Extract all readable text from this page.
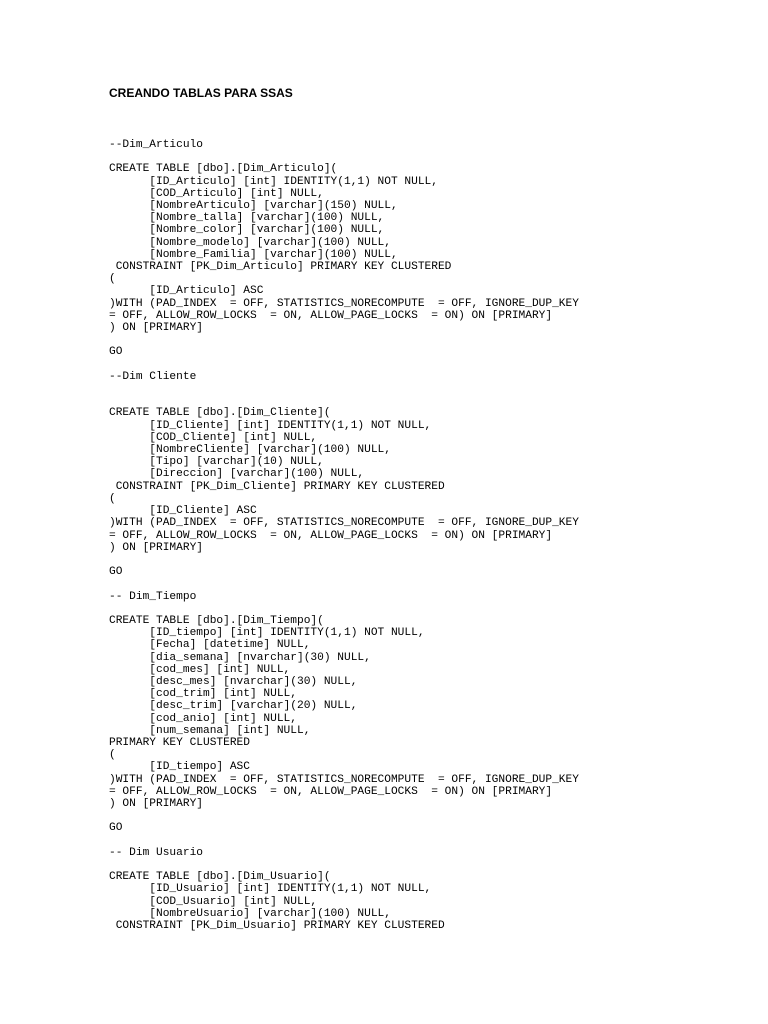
CREANDO TABLAS PARA SSAS
--Dim_Articulo

CREATE TABLE [dbo].[Dim_Articulo](
[ID_Articulo] [int] IDENTITY(1,1) NOT NULL,
[COD_Articulo] [int] NULL,
[NombreArticulo] [varchar](150) NULL,
[Nombre_talla] [varchar](100) NULL,
[Nombre_color] [varchar](100) NULL,
[Nombre_modelo] [varchar](100) NULL,
[Nombre_Familia] [varchar](100) NULL,
CONSTRAINT [PK_Dim_Articulo] PRIMARY KEY CLUSTERED
(
[ID_Articulo] ASC
)WITH (PAD_INDEX  = OFF, STATISTICS_NORECOMPUTE  = OFF, IGNORE_DUP_KEY
= OFF, ALLOW_ROW_LOCKS  = ON, ALLOW_PAGE_LOCKS  = ON) ON [PRIMARY]
) ON [PRIMARY]

GO

--Dim Cliente

CREATE TABLE [dbo].[Dim_Cliente](
[ID_Cliente] [int] IDENTITY(1,1) NOT NULL,
[COD_Cliente] [int] NULL,
[NombreCliente] [varchar](100) NULL,
[Tipo] [varchar](10) NULL,
[Direccion] [varchar](100) NULL,
CONSTRAINT [PK_Dim_Cliente] PRIMARY KEY CLUSTERED
(
[ID_Cliente] ASC
)WITH (PAD_INDEX  = OFF, STATISTICS_NORECOMPUTE  = OFF, IGNORE_DUP_KEY
= OFF, ALLOW_ROW_LOCKS  = ON, ALLOW_PAGE_LOCKS  = ON) ON [PRIMARY]
) ON [PRIMARY]

GO

-- Dim_Tiempo

CREATE TABLE [dbo].[Dim_Tiempo](
[ID_tiempo] [int] IDENTITY(1,1) NOT NULL,
[Fecha] [datetime] NULL,
[dia_semana] [nvarchar](30) NULL,
[cod_mes] [int] NULL,
[desc_mes] [nvarchar](30) NULL,
[cod_trim] [int] NULL,
[desc_trim] [varchar](20) NULL,
[cod_anio] [int] NULL,
[num_semana] [int] NULL,
PRIMARY KEY CLUSTERED
(
[ID_tiempo] ASC
)WITH (PAD_INDEX  = OFF, STATISTICS_NORECOMPUTE  = OFF, IGNORE_DUP_KEY
= OFF, ALLOW_ROW_LOCKS  = ON, ALLOW_PAGE_LOCKS  = ON) ON [PRIMARY]
) ON [PRIMARY]

GO

-- Dim Usuario

CREATE TABLE [dbo].[Dim_Usuario](
[ID_Usuario] [int] IDENTITY(1,1) NOT NULL,
[COD_Usuario] [int] NULL,
[NombreUsuario] [varchar](100) NULL,
CONSTRAINT [PK_Dim_Usuario] PRIMARY KEY CLUSTERED
